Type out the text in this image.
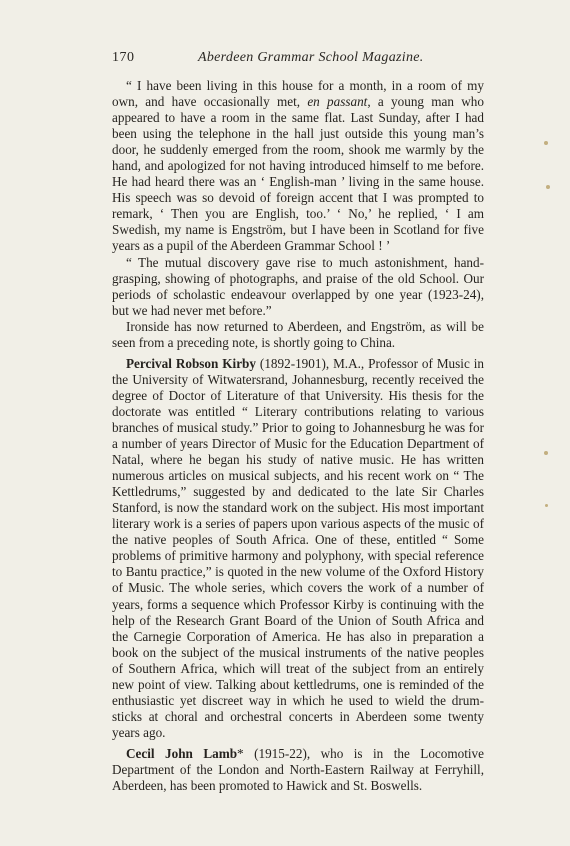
170	Aberdeen Grammar School Magazine.

“ I have been living in this house for a month, in a room of my own, and have occasionally met, en passant, a young man who appeared to have a room in the same flat. Last Sunday, after I had been using the telephone in the hall just outside this young man’s door, he suddenly emerged from the room, shook me warmly by the hand, and apologized for not having introduced himself to me before. He had heard there was an ‘ English-man ’ living in the same house. His speech was so devoid of foreign accent that I was prompted to remark, ‘ Then you are English, too.’ ‘ No,’ he replied, ‘ I am Swedish, my name is Engström, but I have been in Scotland for five years as a pupil of the Aberdeen Grammar School ! ’

“ The mutual discovery gave rise to much astonishment, hand-grasping, showing of photographs, and praise of the old School. Our periods of scholastic endeavour overlapped by one year (1923-24), but we had never met before.”

Ironside has now returned to Aberdeen, and Engström, as will be seen from a preceding note, is shortly going to China.

Percival Robson Kirby (1892-1901), M.A., Professor of Music in the University of Witwatersrand, Johannesburg, recently received the degree of Doctor of Literature of that University. His thesis for the doctorate was entitled “ Literary contributions relating to various branches of musical study.” Prior to going to Johannesburg he was for a number of years Director of Music for the Education Department of Natal, where he began his study of native music. He has written numerous articles on musical subjects, and his recent work on “ The Kettledrums,” suggested by and dedicated to the late Sir Charles Stanford, is now the standard work on the subject. His most important literary work is a series of papers upon various aspects of the music of the native peoples of South Africa. One of these, entitled “ Some problems of primitive harmony and polyphony, with special reference to Bantu practice,” is quoted in the new volume of the Oxford History of Music. The whole series, which covers the work of a number of years, forms a sequence which Professor Kirby is continuing with the help of the Research Grant Board of the Union of South Africa and the Carnegie Corporation of America. He has also in preparation a book on the subject of the musical instruments of the native peoples of Southern Africa, which will treat of the subject from an entirely new point of view. Talking about kettledrums, one is reminded of the enthusiastic yet discreet way in which he used to wield the drum-sticks at choral and orchestral concerts in Aberdeen some twenty years ago.

Cecil John Lamb* (1915-22), who is in the Locomotive Department of the London and North-Eastern Railway at Ferryhill, Aberdeen, has been promoted to Hawick and St. Boswells.
